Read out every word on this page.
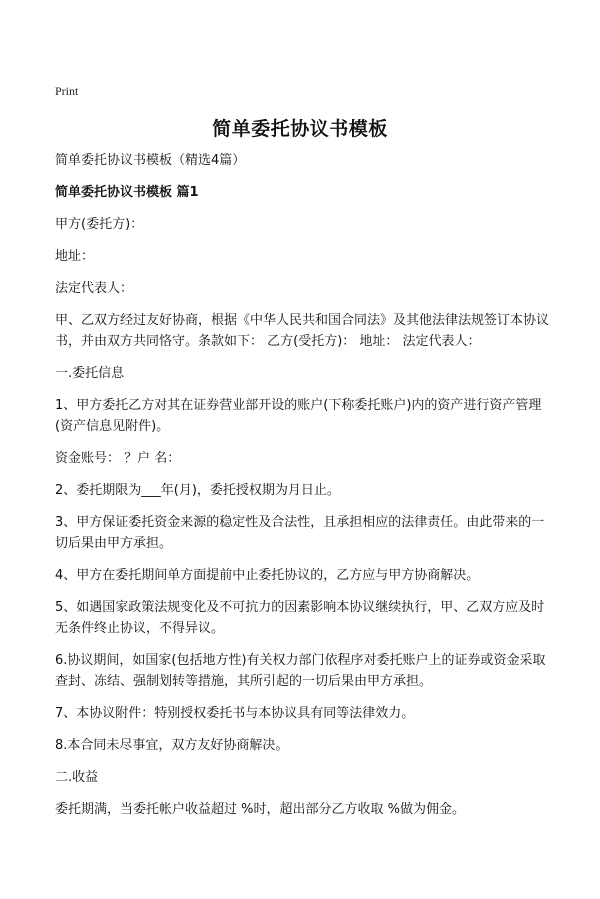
Print
简单委托协议书模板

简单委托协议书模板（精选4篇）

简单委托协议书模板 篇1

甲方(委托方)：

地址：

法定代表人：

甲、乙双方经过友好协商，根据《中华人民共和国合同法》及其他法律法规签订本协议书，并由双方共同恪守。条款如下： 乙方(受托方)： 地址： 法定代表人：

一.委托信息

1、甲方委托乙方对其在证券营业部开设的账户(下称委托账户)内的资产进行资产管理(资产信息见附件)。

资金账号： ？户 名：

2、委托期限为___年(月)，委托授权期为月日止。

3、甲方保证委托资金来源的稳定性及合法性，且承担相应的法律责任。由此带来的一切后果由甲方承担。

4、甲方在委托期间单方面提前中止委托协议的，乙方应与甲方协商解决。

5、如遇国家政策法规变化及不可抗力的因素影响本协议继续执行，甲、乙双方应及时无条件终止协议，不得异议。

6.协议期间，如国家(包括地方性)有关权力部门依程序对委托账户上的证券或资金采取查封、冻结、强制划转等措施，其所引起的一切后果由甲方承担。

7、本协议附件：特别授权委托书与本协议具有同等法律效力。

8.本合同未尽事宜，双方友好协商解决。

二.收益

委托期满，当委托帐户收益超过 %时，超出部分乙方收取 %做为佣金。
